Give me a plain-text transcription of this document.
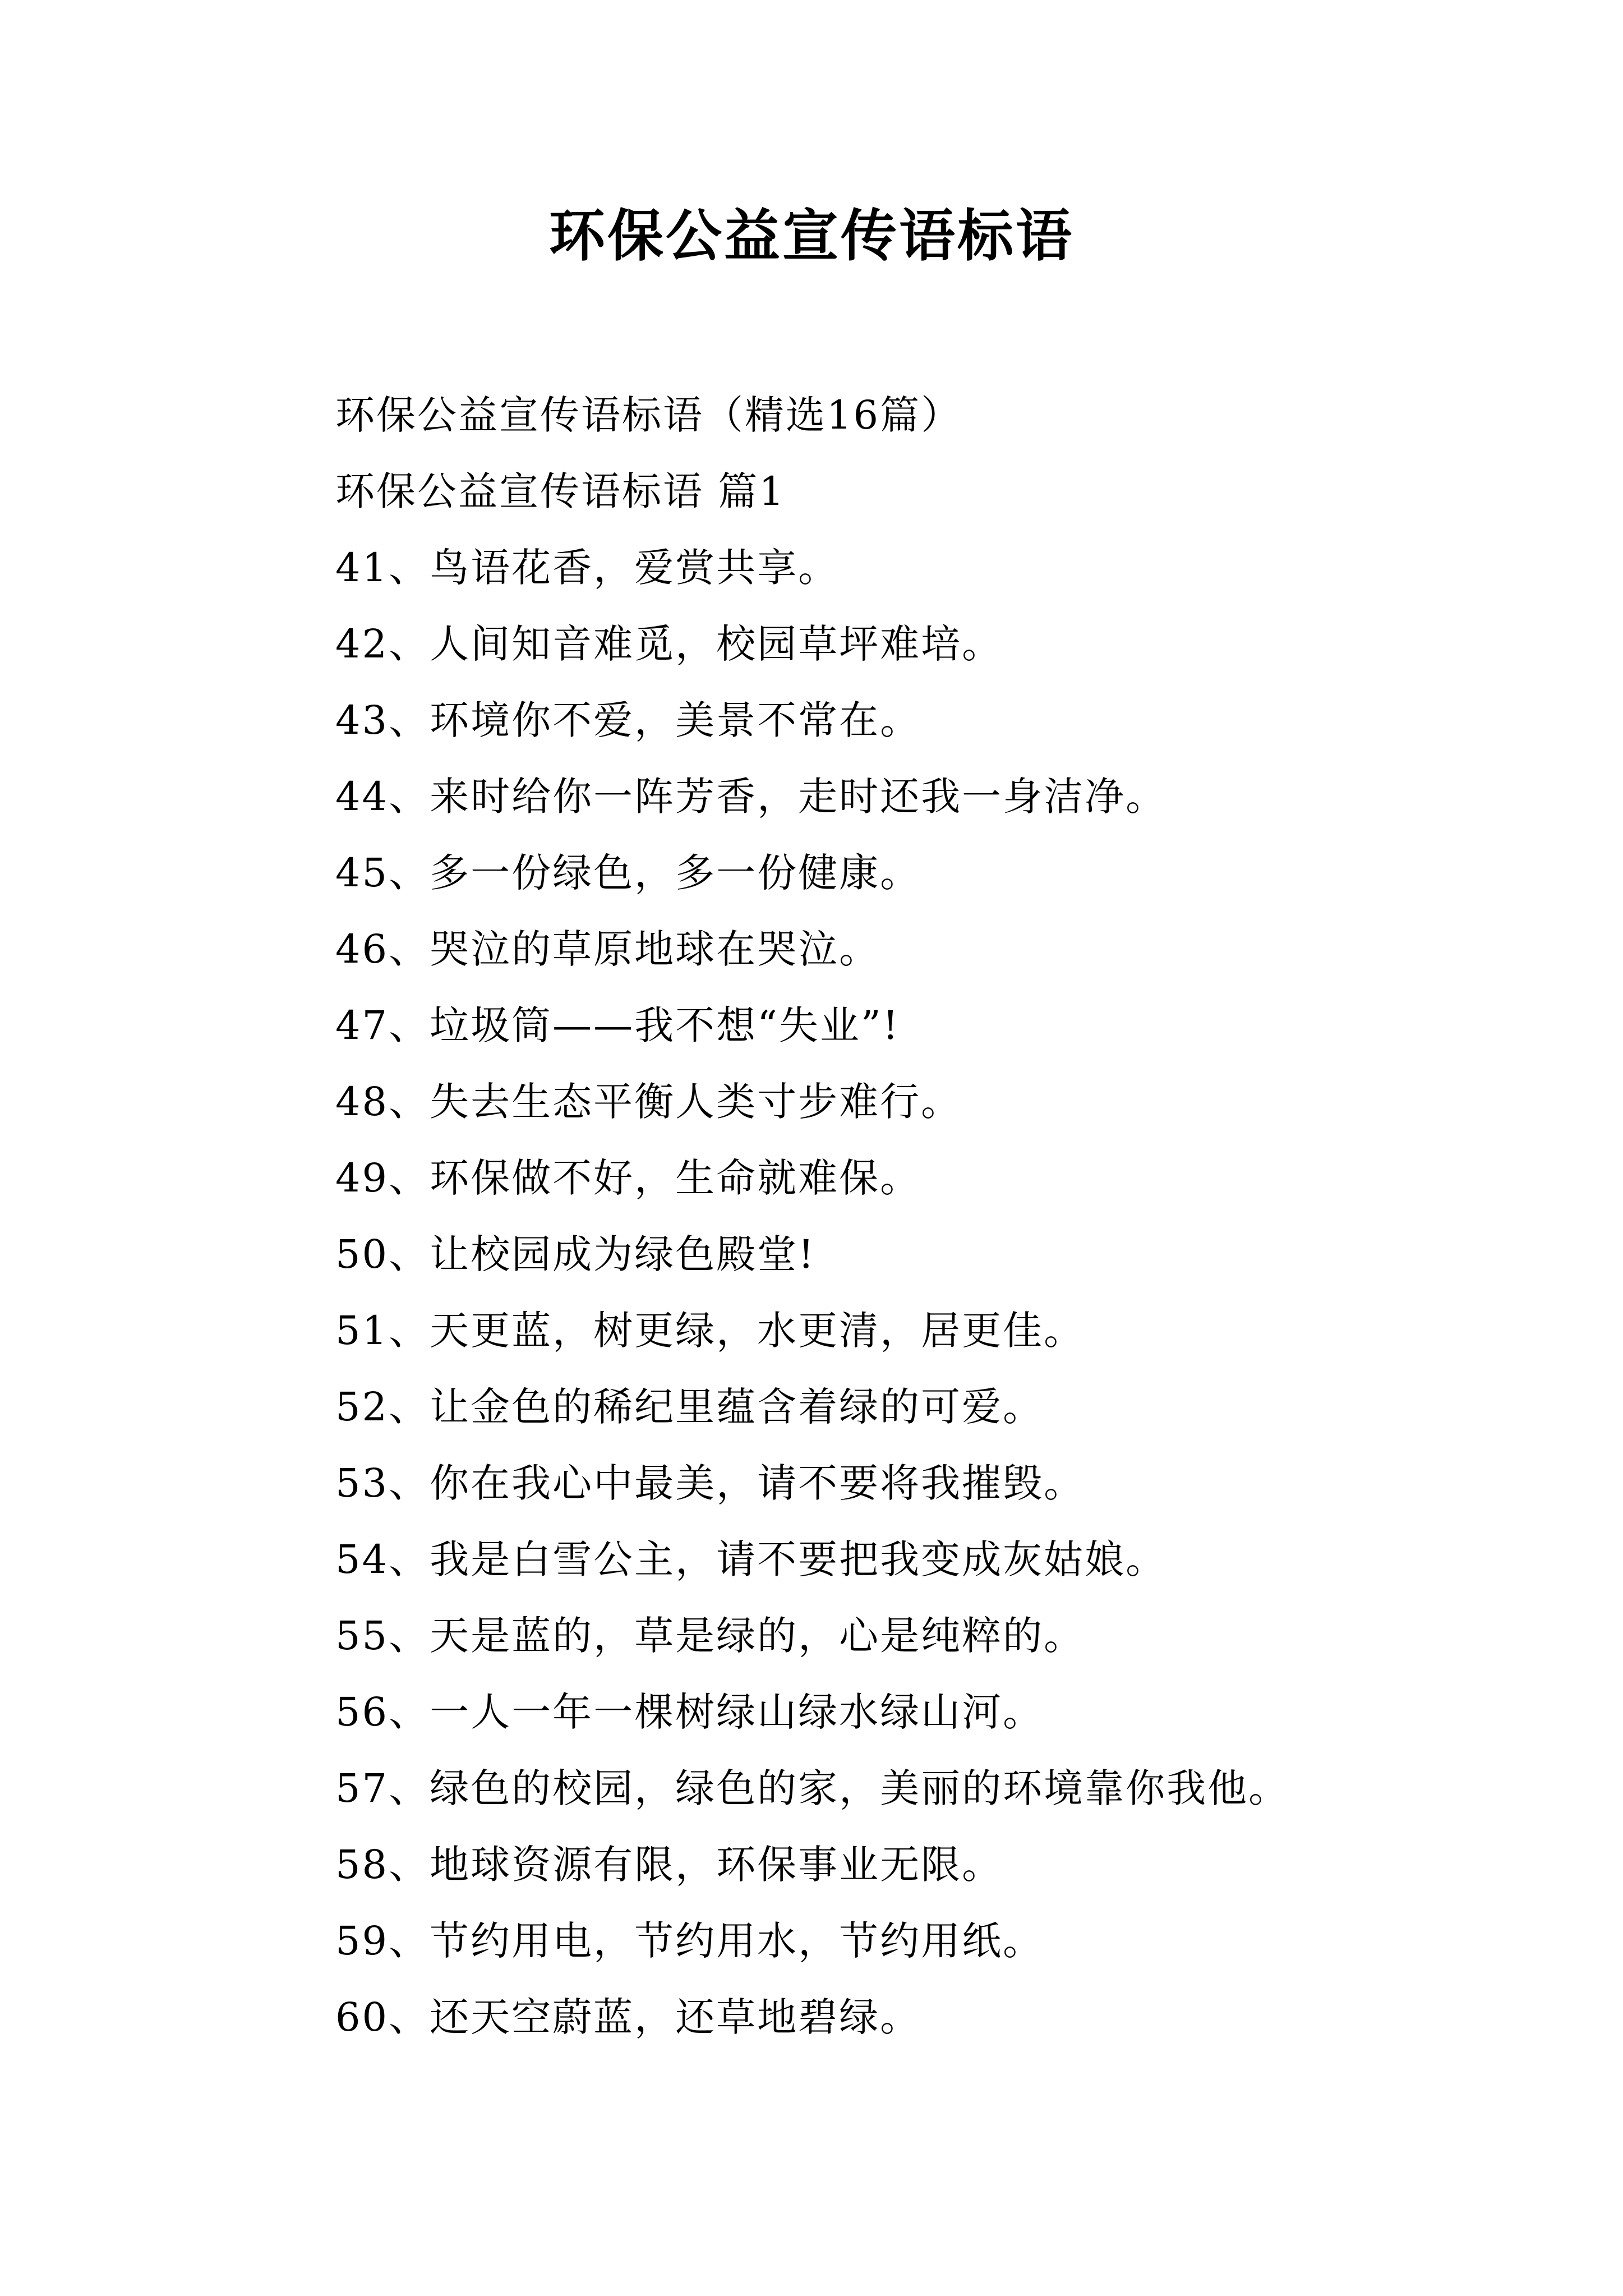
环保公益宣传语标语
环保公益宣传语标语（精选16篇）
环保公益宣传语标语 篇1
41、鸟语花香，爱赏共享。
42、人间知音难觅，校园草坪难培。
43、环境你不爱，美景不常在。
44、来时给你一阵芳香，走时还我一身洁净。
45、多一份绿色，多一份健康。
46、哭泣的草原地球在哭泣。
47、垃圾筒——我不想“失业”!
48、失去生态平衡人类寸步难行。
49、环保做不好，生命就难保。
50、让校园成为绿色殿堂!
51、天更蓝，树更绿，水更清，居更佳。
52、让金色的稀纪里蕴含着绿的可爱。
53、你在我心中最美，请不要将我摧毁。
54、我是白雪公主，请不要把我变成灰姑娘。
55、天是蓝的，草是绿的，心是纯粹的。
56、一人一年一棵树绿山绿水绿山河。
57、绿色的校园，绿色的家，美丽的环境靠你我他。
58、地球资源有限，环保事业无限。
59、节约用电，节约用水，节约用纸。
60、还天空蔚蓝，还草地碧绿。
